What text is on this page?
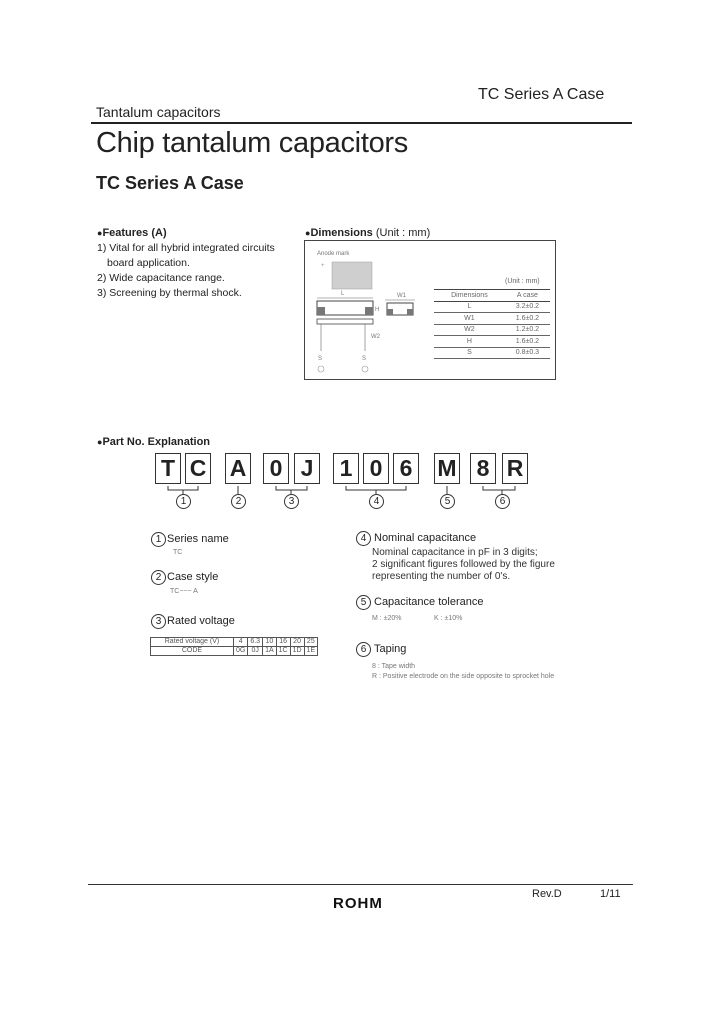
TC Series A Case
Tantalum capacitors
Chip tantalum capacitors
TC Series A Case
●Features (A)
1) Vital for all hybrid integrated circuits
board application.
2) Wide capacitance range.
3) Screening by thermal shock.
●Dimensions (Unit : mm)
Anode mark
+
L
H
W2
S	S
W1
(Unit : mm)
Dimensions	A case
L	3.2±0.2
W1	1.6±0.2
W2	1.2±0.2
H	1.6±0.2
S	0.8±0.3
●Part No. Explanation
T C A 0 J 1 0 6 M 8 R
1	2	3	4	5	6
1 Series name
TC
2 Case style
TC−−− A
3 Rated voltage
Rated voltage (V)	4	6.3	10	16	20	25
CODE	0G	0J	1A	1C	1D	1E
4 Nominal capacitance
Nominal capacitance in pF in 3 digits;
2 significant figures followed by the figure
representing the number of 0's.
5 Capacitance tolerance
M : ±20%	K : ±10%
6 Taping
8 : Tape width
R : Positive electrode on the side opposite to sprocket hole
Rev.D	1/11
ROHM
